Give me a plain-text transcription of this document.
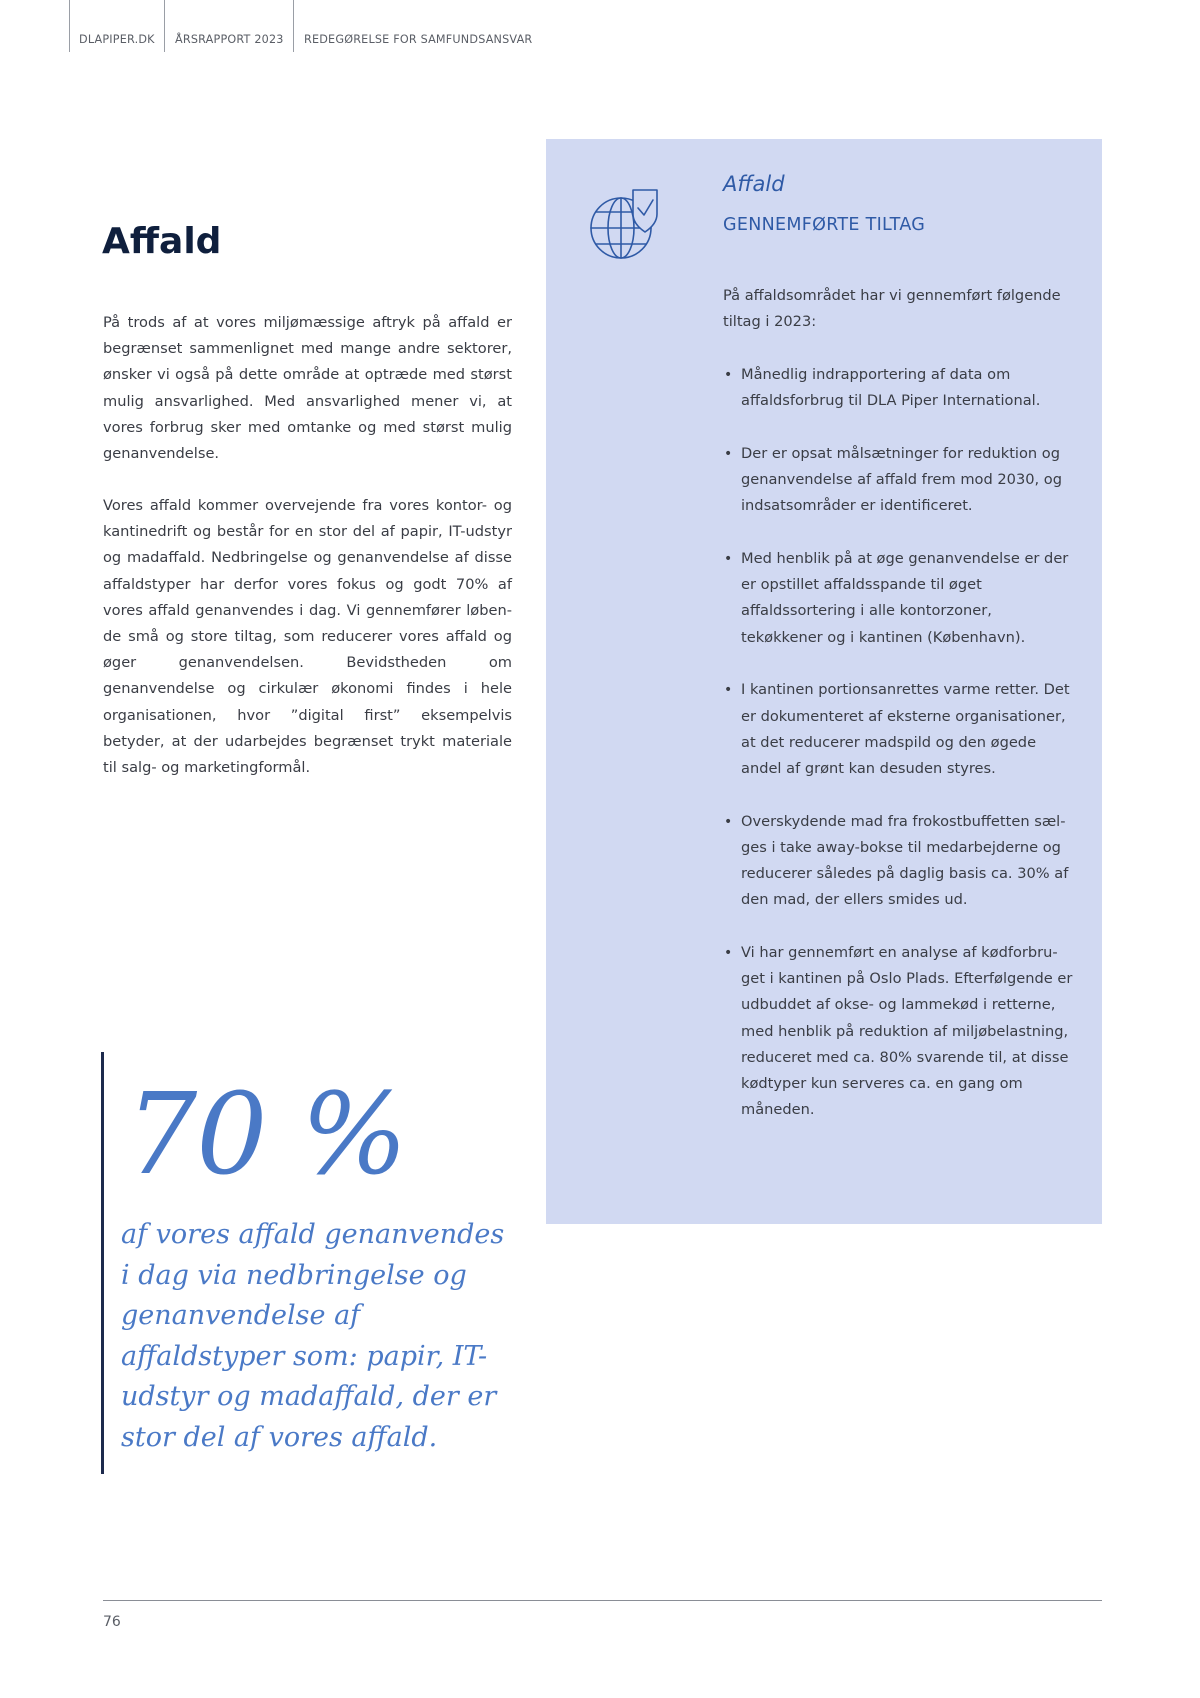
DLAPIPER.DK ÅRSRAPPORT 2023 REDEGØRELSE FOR SAMFUNDSANSVAR
Affald

På trods af at vores miljømæssige aftryk på affald er begrænset sammenlignet med mange andre sektorer, ønsker vi også på dette område at optræde med størst mulig ansvarlighed. Med ansvarlighed mener vi, at vores forbrug sker med omtanke og med størst mulig genanvendelse.

Vores affald kommer overvejende fra vores kontor- og kantinedrift og består for en stor del af papir, IT-udstyr og madaffald. Nedbringelse og genanvendelse af disse affaldstyper har derfor vores fokus og godt 70% af vores affald genanvendes i dag. Vi gennemfører løbende små og store tiltag, som reducerer vores affald og øger genanvendelsen. Bevidstheden om genanvendelse og cirkulær økonomi findes i hele organisationen, hvor ”digital first” eksempelvis betyder, at der udarbejdes begrænset trykt materiale til salg- og marketingformål.

70 %

af vores affald genanvendes i dag via nedbringelse og genanvendelse af affaldstyper som: papir, IT-udstyr og madaffald, der er stor del af vores affald.

Affald
GENNEMFØRTE TILTAG

På affaldsområdet har vi gennemført følgende tiltag i 2023:

• Månedlig indrapportering af data om affaldsforbrug til DLA Piper International.
• Der er opsat målsætninger for reduktion og genanvendelse af affald frem mod 2030, og indsatsområder er identificeret.
• Med henblik på at øge genanvendelse er der er opstillet affaldsspande til øget affaldssortering i alle kontorzoner, tekøkkener og i kantinen (København).
• I kantinen portionsanrettes varme retter. Det er dokumenteret af eksterne organisationer, at det reducerer madspild og den øgede andel af grønt kan desuden styres.
• Overskydende mad fra frokostbuffetten sælges i take away-bokse til medarbejderne og reducerer således på daglig basis ca. 30% af den mad, der ellers smides ud.
• Vi har gennemført en analyse af kødforbruget i kantinen på Oslo Plads. Efterfølgende er udbuddet af okse- og lammekød i retterne, med henblik på reduktion af miljøbelastning, reduceret med ca. 80% svarende til, at disse kødtyper kun serveres ca. en gang om måneden.
76
